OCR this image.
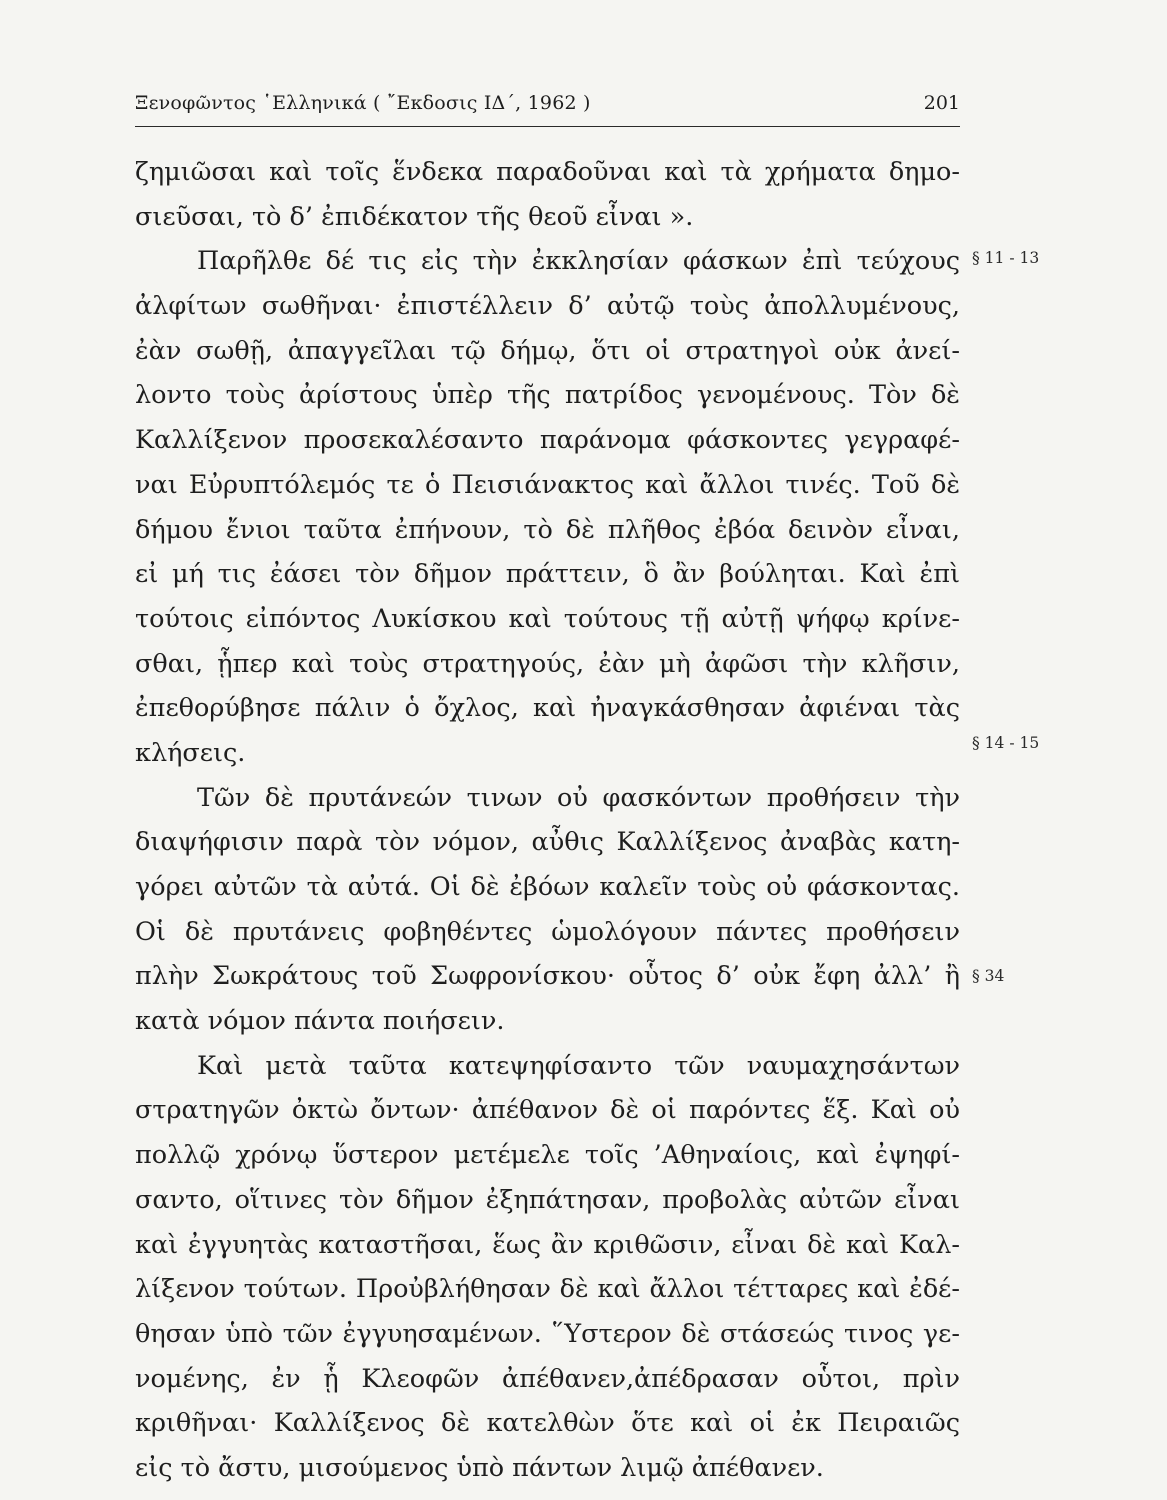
Ξενοφῶντος ῾Ελληνικά ( ῎Εκδοσις ΙΔ΄, 1962 )	201
ζημιῶσαι καὶ τοῖς ἕνδεκα παραδοῦναι καὶ τὰ χρήματα δημο-
σιεῦσαι, τὸ δ’ ἐπιδέκατον τῆς θεοῦ εἶναι ».
Παρῆλθε δέ τις εἰς τὴν ἐκκλησίαν φάσκων ἐπὶ τεύχους
ἀλφίτων σωθῆναι· ἐπιστέλλειν δ’ αὐτῷ τοὺς ἀπολλυμένους,
ἐὰν σωθῇ, ἀπαγγεῖλαι τῷ δήμῳ, ὅτι οἱ στρατηγοὶ οὐκ ἀνεί-
λοντο τοὺς ἀρίστους ὑπὲρ τῆς πατρίδος γενομένους. Τὸν δὲ
Καλλίξενον προσεκαλέσαντο παράνομα φάσκοντες γεγραφέ-
ναι Εὐρυπτόλεμός τε ὁ Πεισιάνακτος καὶ ἄλλοι τινές. Τοῦ δὲ
δήμου ἔνιοι ταῦτα ἐπήνουν, τὸ δὲ πλῆθος ἐβόα δεινὸν εἶναι,
εἰ μή τις ἐάσει τὸν δῆμον πράττειν, ὃ ἂν βούληται. Καὶ ἐπὶ
τούτοις εἰπόντος Λυκίσκου καὶ τούτους τῇ αὐτῇ ψήφῳ κρίνε-
σθαι, ᾗπερ καὶ τοὺς στρατηγούς, ἐὰν μὴ ἀφῶσι τὴν κλῆσιν,
ἐπεθορύβησε πάλιν ὁ ὄχλος, καὶ ἠναγκάσθησαν ἀφιέναι τὰς
κλήσεις.
Τῶν δὲ πρυτάνεών τινων οὐ φασκόντων προθήσειν τὴν
διαψήφισιν παρὰ τὸν νόμον, αὖθις Καλλίξενος ἀναβὰς κατη-
γόρει αὐτῶν τὰ αὐτά. Οἱ δὲ ἐβόων καλεῖν τοὺς οὐ φάσκοντας.
Οἱ δὲ πρυτάνεις φοβηθέντες ὡμολόγουν πάντες προθήσειν
πλὴν Σωκράτους τοῦ Σωφρονίσκου· οὗτος δ’ οὐκ ἔφη ἀλλ’ ἢ
κατὰ νόμον πάντα ποιήσειν.
Καὶ μετὰ ταῦτα κατεψηφίσαντο τῶν ναυμαχησάντων
στρατηγῶν ὀκτὼ ὄντων· ἀπέθανον δὲ οἱ παρόντες ἕξ. Καὶ οὐ
πολλῷ χρόνῳ ὕστερον μετέμελε τοῖς ’Αθηναίοις, καὶ ἐψηφί-
σαντο, οἵτινες τὸν δῆμον ἐξηπάτησαν, προβολὰς αὐτῶν εἶναι
καὶ ἐγγυητὰς καταστῆσαι, ἕως ἂν κριθῶσιν, εἶναι δὲ καὶ Καλ-
λίξενον τούτων. Προὐβλήθησαν δὲ καὶ ἄλλοι τέτταρες καὶ ἐδέ-
θησαν ὑπὸ τῶν ἐγγυησαμένων. ῞Υστερον δὲ στάσεώς τινος γε-
νομένης, ἐν ᾗ Κλεοφῶν ἀπέθανεν,ἀπέδρασαν οὗτοι, πρὶν
κριθῆναι· Καλλίξενος δὲ κατελθὼν ὅτε καὶ οἱ ἐκ Πειραιῶς
εἰς τὸ ἄστυ, μισούμενος ὑπὸ πάντων λιμῷ ἀπέθανεν.
§ 11 - 13
§ 14 - 15
§ 34
